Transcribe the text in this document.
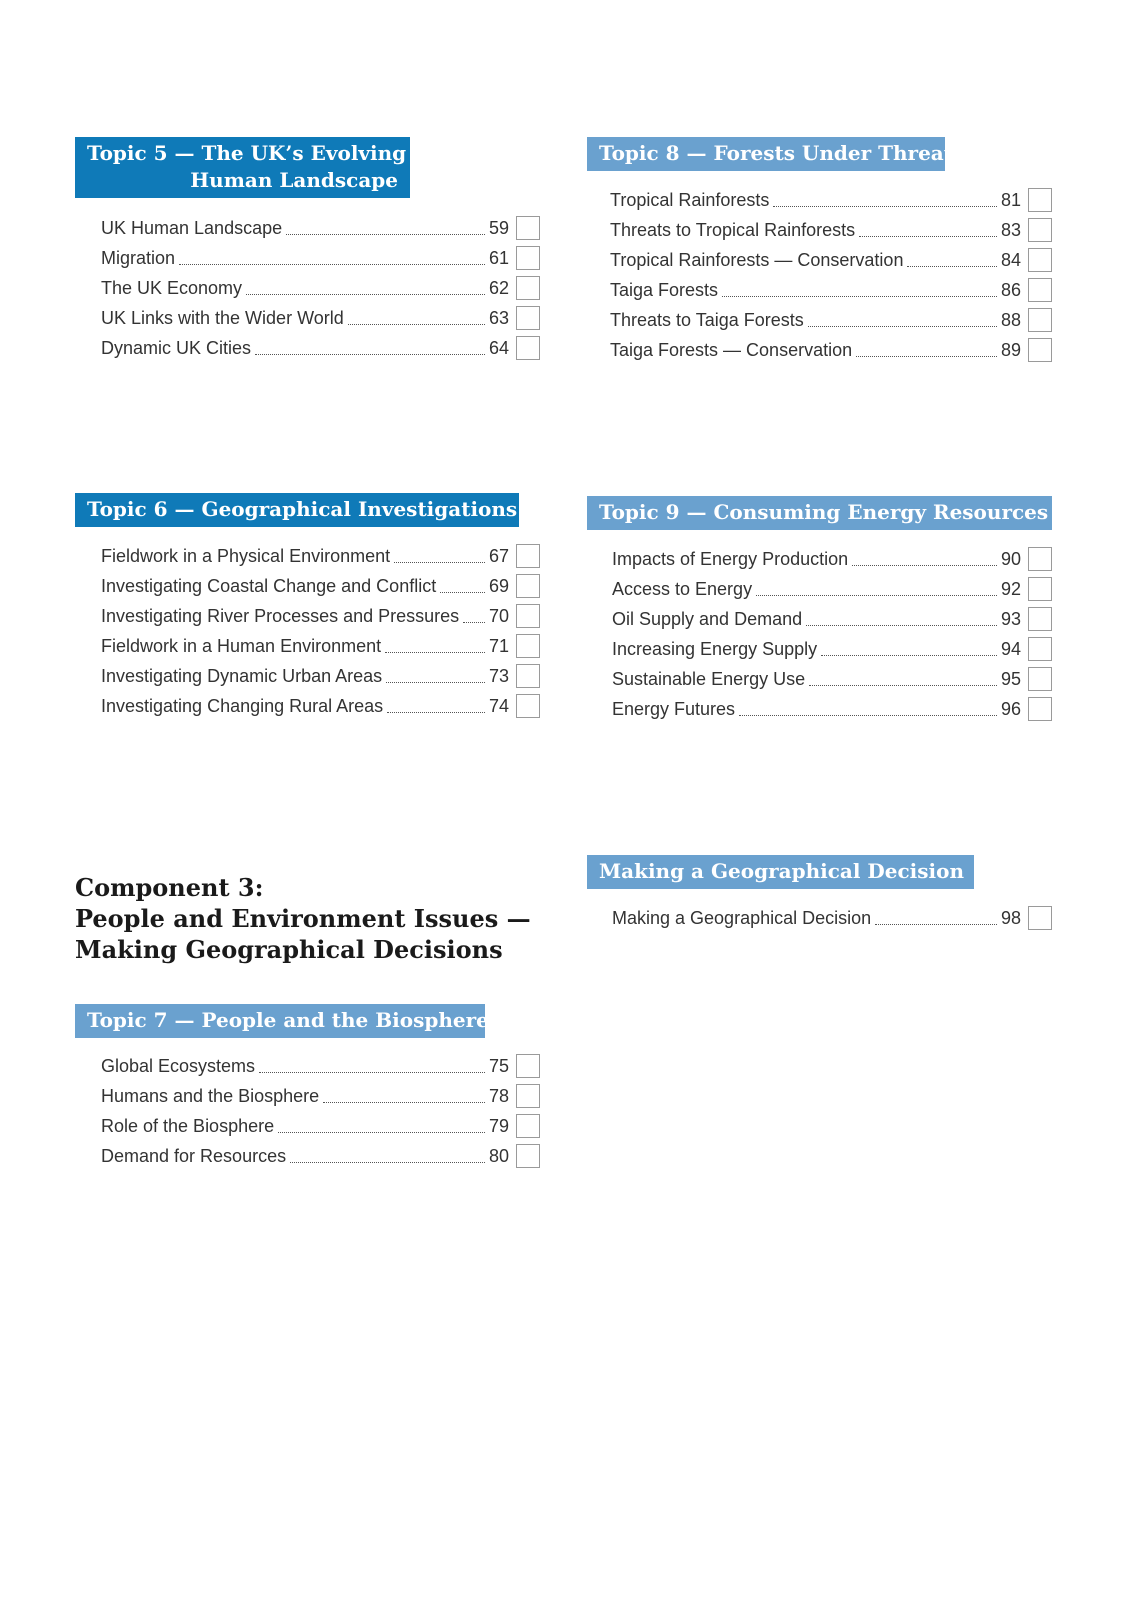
Topic 5 — The UK’s Evolving
Human Landscape
UK Human Landscape	59
Migration	61
The UK Economy	62
UK Links with the Wider World	63
Dynamic UK Cities	64
Topic 6 — Geographical Investigations
Fieldwork in a Physical Environment	67
Investigating Coastal Change and Conflict	69
Investigating River Processes and Pressures 70
Fieldwork in a Human Environment	71
Investigating Dynamic Urban Areas	73
Investigating Changing Rural Areas	74
Component 3:
People and Environment Issues —
Making Geographical Decisions
Topic 7 — People and the Biosphere
Global Ecosystems	75
Humans and the Biosphere	78
Role of the Biosphere	79
Demand for Resources	80
Topic 8 — Forests Under Threat
Tropical Rainforests	81
Threats to Tropical Rainforests	83
Tropical Rainforests — Conservation	84
Taiga Forests	86
Threats to Taiga Forests	88
Taiga Forests — Conservation	89
Topic 9 — Consuming Energy Resources
Impacts of Energy Production	90
Access to Energy	92
Oil Supply and Demand	93
Increasing Energy Supply	94
Sustainable Energy Use	95
Energy Futures	96
Making a Geographical Decision
Making a Geographical Decision	98
